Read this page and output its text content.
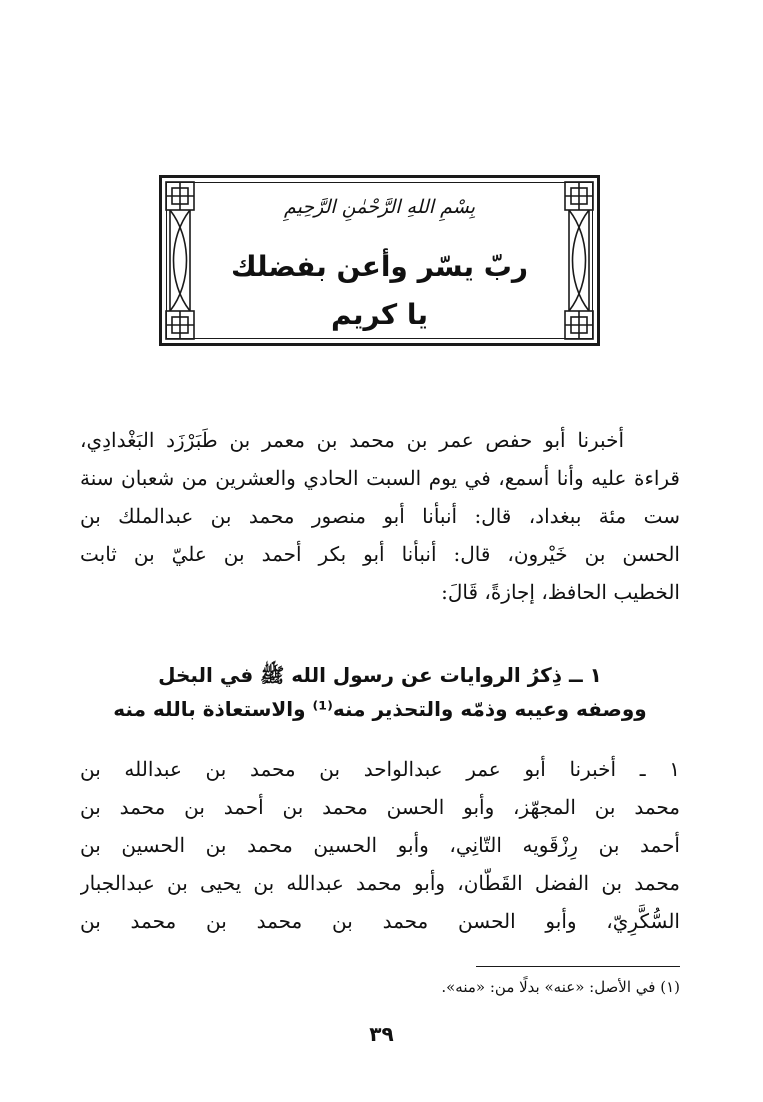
بِسْمِ اللهِ الرَّحْمٰنِ الرَّحِيمِ
ربّ يسّر وأعن بفضلك
يا كريم
أخبرنا أبو حفص عمر بن محمد بن معمر بن طَبَرْزَد البَغْدادِي،
قراءة عليه وأنا أسمع، في يوم السبت الحادي والعشرين من شعبان سنة
ست مئة ببغداد، قال: أنبأنا أبو منصور محمد بن عبدالملك بن
الحسن بن خَيْرون، قال: أنبأنا أبو بكر أحمد بن عليّ بن ثابت
الخطيب الحافظ، إجازةً، قَالَ:
١ ــ ذِكرُ الروايات عن رسول الله ﷺ في البخل
ووصفه وعيبه وذمّه والتحذير منه⁽¹⁾ والاستعاذة بالله منه
١ ـ أخبرنا أبو عمر عبدالواحد بن محمد بن عبدالله بن
محمد بن المجهّز، وأبو الحسن محمد بن أحمد بن محمد بن
أحمد بن رِزْقَويه التّانِي، وأبو الحسين محمد بن الحسين بن
محمد بن الفضل القَطّان، وأبو محمد عبدالله بن يحيى بن عبدالجبار
السُّكَّرِيّ، وأبو الحسن محمد بن محمد بن محمد بن
(١) في الأصل: «عنه» بدلًا من: «منه».
٣٩
